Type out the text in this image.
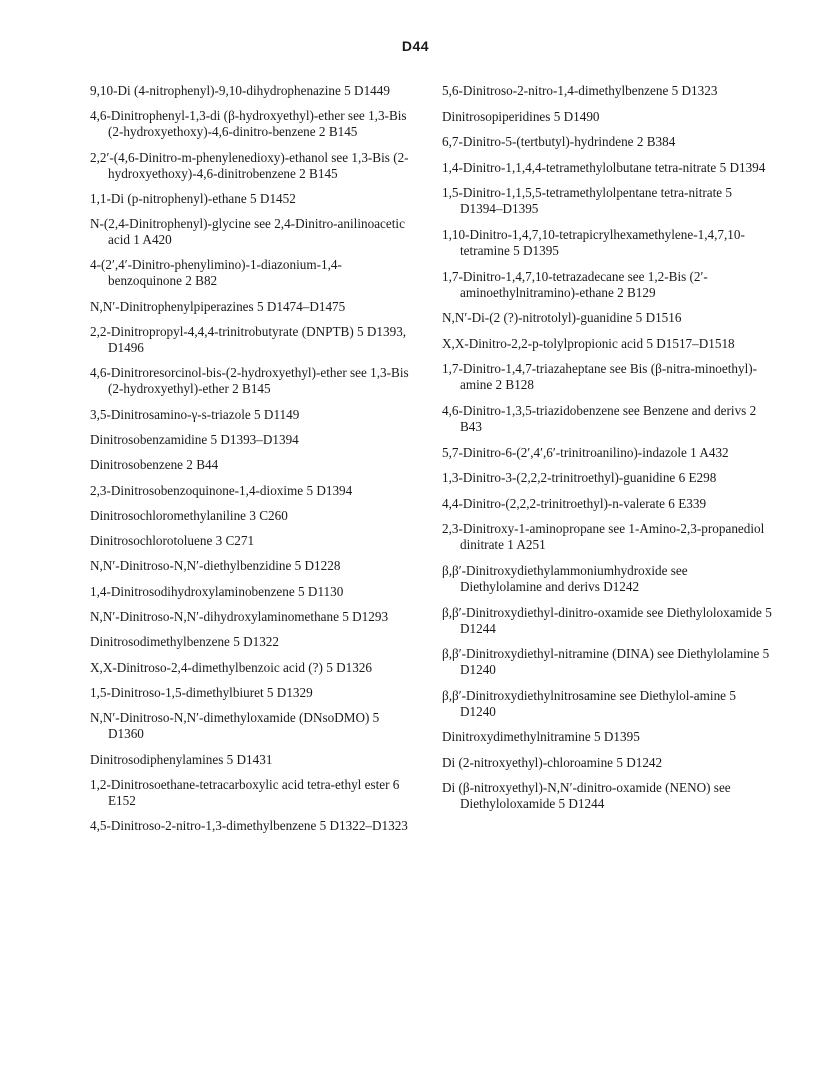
D44

9,10-Di (4-nitrophenyl)-9,10-dihydrophenazine 5 D1449

4,6-Dinitrophenyl-1,3-di (β-hydroxyethyl)-ether see 1,3-Bis (2-hydroxyethoxy)-4,6-dinitro-benzene 2 B145

2,2′-(4,6-Dinitro-m-phenylenedioxy)-ethanol see 1,3-Bis (2-hydroxyethoxy)-4,6-dinitrobenzene 2 B145

1,1-Di (p-nitrophenyl)-ethane 5 D1452

N-(2,4-Dinitrophenyl)-glycine see 2,4-Dinitro-anilinoacetic acid 1 A420

4-(2′,4′-Dinitro-phenylimino)-1-diazonium-1,4-benzoquinone 2 B82

N,N′-Dinitrophenylpiperazines 5 D1474–D1475

2,2-Dinitropropyl-4,4,4-trinitrobutyrate (DNPTB) 5 D1393, D1496

4,6-Dinitroresorcinol-bis-(2-hydroxyethyl)-ether see 1,3-Bis (2-hydroxyethyl)-ether 2 B145

3,5-Dinitrosamino-γ-s-triazole 5 D1149

Dinitrosobenzamidine 5 D1393–D1394

Dinitrosobenzene 2 B44

2,3-Dinitrosobenzoquinone-1,4-dioxime 5 D1394

Dinitrosochloromethylaniline 3 C260

Dinitrosochlorotoluene 3 C271

N,N′-Dinitroso-N,N′-diethylbenzidine 5 D1228

1,4-Dinitrosodihydroxylaminobenzene 5 D1130

N,N′-Dinitroso-N,N′-dihydroxylaminomethane 5 D1293

Dinitrosodimethylbenzene 5 D1322

X,X-Dinitroso-2,4-dimethylbenzoic acid (?) 5 D1326

1,5-Dinitroso-1,5-dimethylbiuret 5 D1329

N,N′-Dinitroso-N,N′-dimethyloxamide (DNsoDMO) 5 D1360

Dinitrosodiphenylamines 5 D1431

1,2-Dinitrosoethane-tetracarboxylic acid tetra-ethyl ester 6 E152

4,5-Dinitroso-2-nitro-1,3-dimethylbenzene 5 D1322–D1323

5,6-Dinitroso-2-nitro-1,4-dimethylbenzene 5 D1323

Dinitrosopiperidines 5 D1490

6,7-Dinitro-5-(tertbutyl)-hydrindene 2 B384

1,4-Dinitro-1,1,4,4-tetramethylolbutane tetra-nitrate 5 D1394

1,5-Dinitro-1,1,5,5-tetramethylolpentane tetra-nitrate 5 D1394–D1395

1,10-Dinitro-1,4,7,10-tetrapicrylhexamethylene-1,4,7,10-tetramine 5 D1395

1,7-Dinitro-1,4,7,10-tetrazadecane see 1,2-Bis (2′-aminoethylnitramino)-ethane 2 B129

N,N′-Di-(2 (?)-nitrotolyl)-guanidine 5 D1516

X,X-Dinitro-2,2-p-tolylpropionic acid 5 D1517–D1518

1,7-Dinitro-1,4,7-triazaheptane see Bis (β-nitra-minoethyl)-amine 2 B128

4,6-Dinitro-1,3,5-triazidobenzene see Benzene and derivs 2 B43

5,7-Dinitro-6-(2′,4′,6′-trinitroanilino)-indazole 1 A432

1,3-Dinitro-3-(2,2,2-trinitroethyl)-guanidine 6 E298

4,4-Dinitro-(2,2,2-trinitroethyl)-n-valerate 6 E339

2,3-Dinitroxy-1-aminopropane see 1-Amino-2,3-propanediol dinitrate 1 A251

β,β′-Dinitroxydiethylammoniumhydroxide see Diethylolamine and derivs D1242

β,β′-Dinitroxydiethyl-dinitro-oxamide see Diethyloloxamide 5 D1244

β,β′-Dinitroxydiethyl-nitramine (DINA) see Diethylolamine 5 D1240

β,β′-Dinitroxydiethylnitrosamine see Diethylol-amine 5 D1240

Dinitroxydimethylnitramine 5 D1395

Di (2-nitroxyethyl)-chloroamine 5 D1242

Di (β-nitroxyethyl)-N,N′-dinitro-oxamide (NENO) see Diethyloloxamide 5 D1244
